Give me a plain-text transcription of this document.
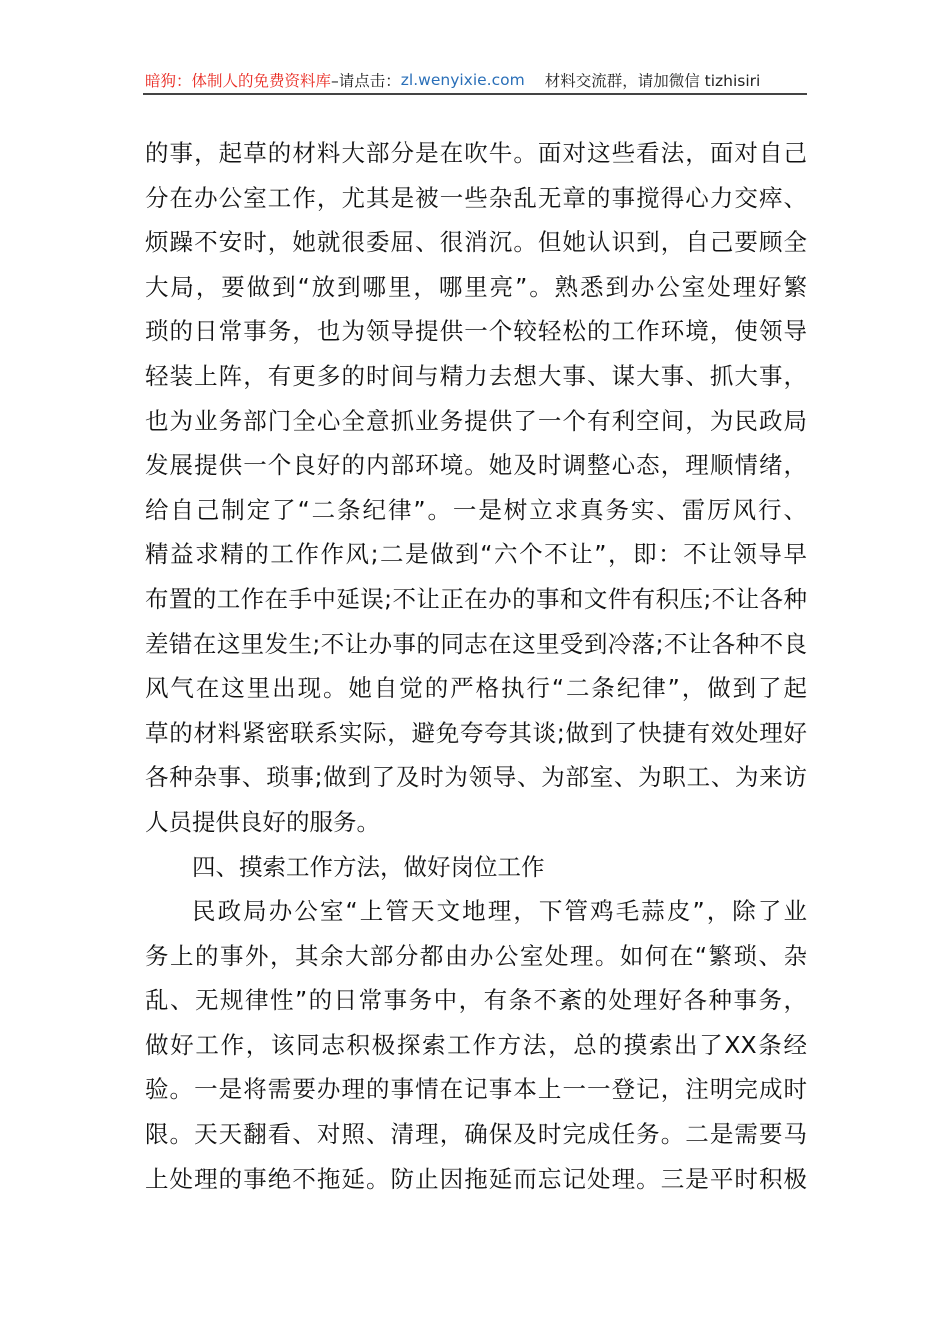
暗狗：体制人的免费资料库 –请点击： zl.wenyixie.com 材料交流群，请加微信 tizhisiri
的事，起草的材料大部分是在吹牛。面对这些看法，面对自己
分在办公室工作，尤其是被一些杂乱无章的事搅得心力交瘁、
烦躁不安时，她就很委屈、很消沉。但她认识到，自己要顾全
大局，要做到“放到哪里，哪里亮”。熟悉到办公室处理好繁
琐的日常事务，也为领导提供一个较轻松的工作环境，使领导
轻装上阵，有更多的时间与精力去想大事、谋大事、抓大事，
也为业务部门全心全意抓业务提供了一个有利空间，为民政局
发展提供一个良好的内部环境。她及时调整心态，理顺情绪，
给自己制定了“二条纪律”。一是树立求真务实、雷厉风行、
精益求精的工作作风;二是做到“六个不让”，即：不让领导早
布置的工作在手中延误;不让正在办的事和文件有积压;不让各种
差错在这里发生;不让办事的同志在这里受到冷落;不让各种不良
风气在这里出现。她自觉的严格执行“二条纪律”，做到了起
草的材料紧密联系实际，避免夸夸其谈;做到了快捷有效处理好
各种杂事、琐事;做到了及时为领导、为部室、为职工、为来访
人员提供良好的服务。
四、摸索工作方法，做好岗位工作
民政局办公室“上管天文地理，下管鸡毛蒜皮”，除了业
务上的事外，其余大部分都由办公室处理。如何在“繁琐、杂
乱、无规律性”的日常事务中，有条不紊的处理好各种事务，
做好工作，该同志积极探索工作方法，总的摸索出了XX条经
验。一是将需要办理的事情在记事本上一一登记，注明完成时
限。天天翻看、对照、清理，确保及时完成任务。二是需要马
上处理的事绝不拖延。防止因拖延而忘记处理。三是平时积极
